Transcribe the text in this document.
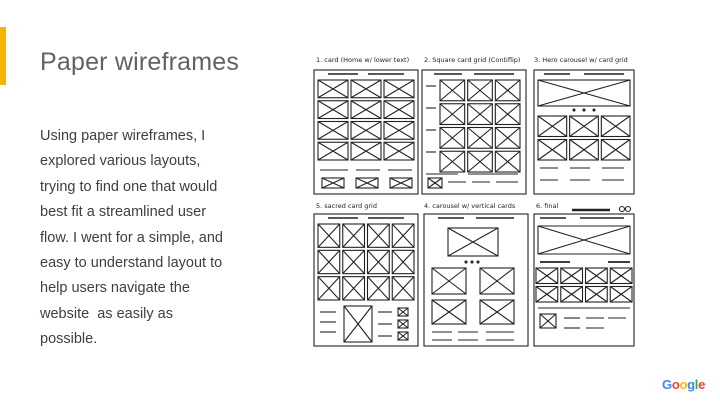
Paper wireframes
Using paper wireframes, I
explored various layouts,
trying to find one that would
best fit a streamlined user
flow. I went for a simple, and
easy to understand layout to
help users navigate the
website  as easily as
possible.
1. card (Home w/ lower text) 2. Square card grid (Contiflip) 3. Hero carousel w/ card grid
5. sacred card grid	4. carousel w/ vertical cards	6. final
Google
